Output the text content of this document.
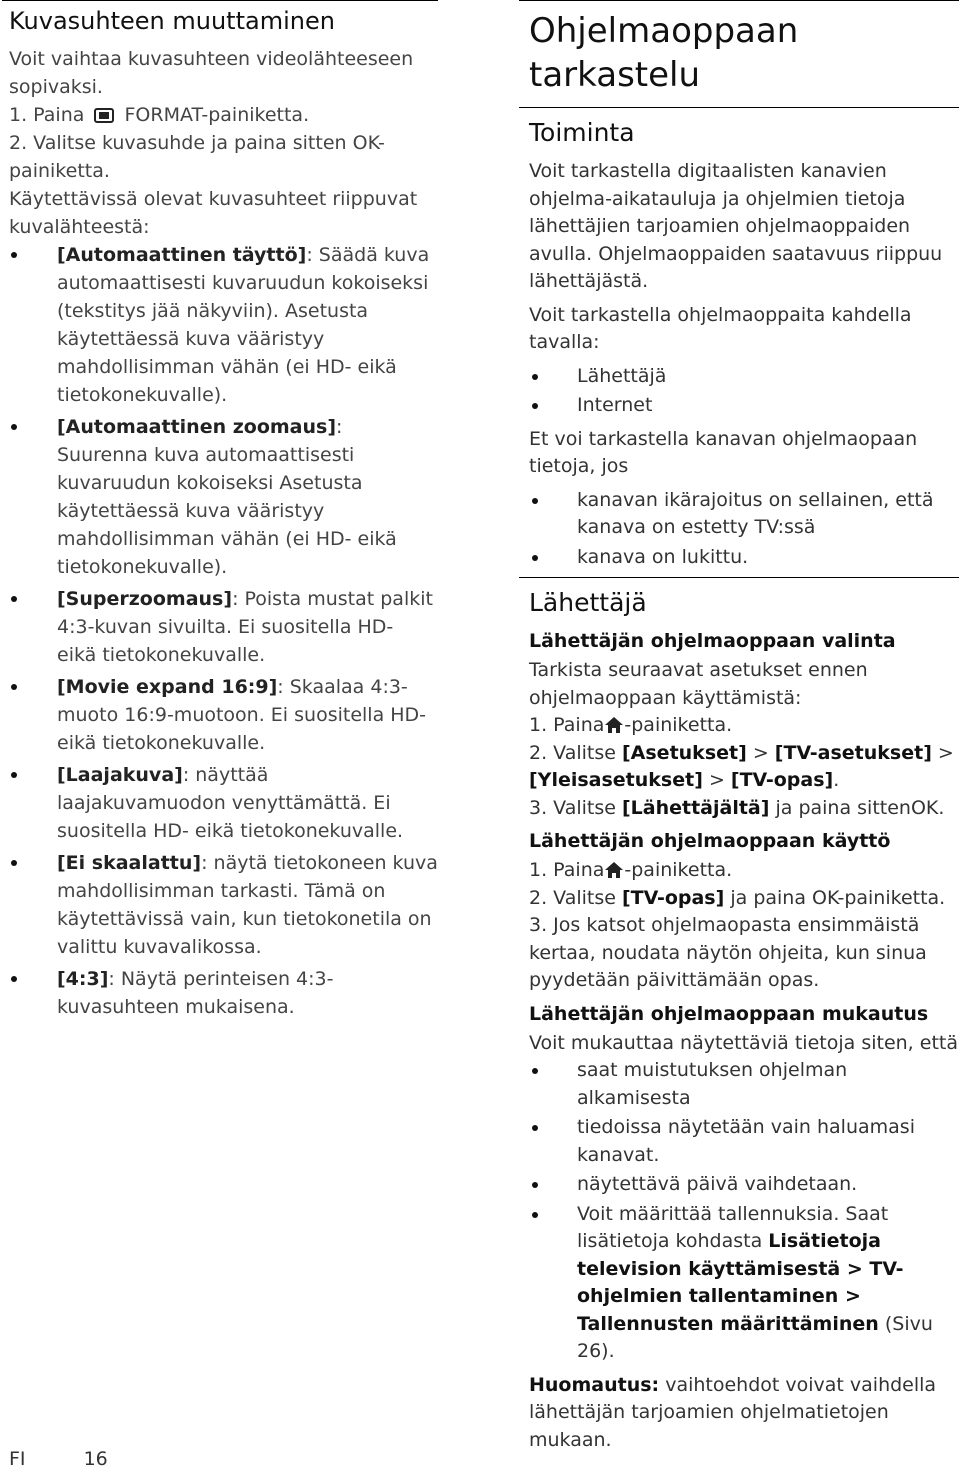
Kuvasuhteen muuttaminen

Voit vaihtaa kuvasuhteen videolähteeseen sopivaksi.

1. Paina FORMAT-painiketta.

2. Valitse kuvasuhde ja paina sitten OK-painiketta.

Käytettävissä olevat kuvasuhteet riippuvat kuvalähteestä:

[Automaattinen täyttö]: Säädä kuva automaattisesti kuvaruudun kokoiseksi (tekstitys jää näkyviin). Asetusta käytettäessä kuva vääristyy mahdollisimman vähän (ei HD- eikä tietokonekuvalle).
[Automaattinen zoomaus]: Suurenna kuva automaattisesti kuvaruudun kokoiseksi Asetusta käytettäessä kuva vääristyy mahdollisimman vähän (ei HD- eikä tietokonekuvalle).
[Superzoomaus]: Poista mustat palkit 4:3-kuvan sivuilta. Ei suositella HD- eikä tietokonekuvalle.
[Movie expand 16:9]: Skaalaa 4:3-muoto 16:9-muotoon. Ei suositella HD- eikä tietokonekuvalle.
[Laajakuva]: näyttää laajakuvamuodon venyttämättä. Ei suositella HD- eikä tietokonekuvalle.
[Ei skaalattu]: näytä tietokoneen kuva mahdollisimman tarkasti. Tämä on käytettävissä vain, kun tietokonetila on valittu kuvavalikossa.
[4:3]: Näytä perinteisen 4:3-kuvasuhteen mukaisena.
Ohjelmaoppaan tarkastelu
Toiminta

Voit tarkastella digitaalisten kanavien ohjelma-aikatauluja ja ohjelmien tietoja lähettäjien tarjoamien ohjelmaoppaiden avulla. Ohjelmaoppaiden saatavuus riippuu lähettäjästä.

Voit tarkastella ohjelmaoppaita kahdella tavalla:

Lähettäjä
Internet

Et voi tarkastella kanavan ohjelmaopaan tietoja, jos

kanavan ikärajoitus on sellainen, että kanava on estetty TV:ssä
kanava on lukittu.
Lähettäjä
Lähettäjän ohjelmaoppaan valinta

Tarkista seuraavat asetukset ennen ohjelmaoppaan käyttämistä:

1. Paina -painiketta.

2. Valitse [Asetukset] > [TV-asetukset] > [Yleisasetukset] > [TV-opas].

3. Valitse [Lähettäjältä] ja paina sittenOK.

Lähettäjän ohjelmaoppaan käyttö

1. Paina -painiketta.

2. Valitse [TV-opas] ja paina OK-painiketta.

3. Jos katsot ohjelmaopasta ensimmäistä kertaa, noudata näytön ohjeita, kun sinua pyydetään päivittämään opas.

Lähettäjän ohjelmaoppaan mukautus

Voit mukauttaa näytettäviä tietoja siten, että

saat muistutuksen ohjelman alkamisesta
tiedoissa näytetään vain haluamasi kanavat.
näytettävä päivä vaihdetaan.
Voit määrittää tallennuksia. Saat lisätietoja kohdasta Lisätietoja television käyttämisestä > TV-ohjelmien tallentaminen > Tallennusten määrittäminen (Sivu 26).

Huomautus: vaihtoehdot voivat vaihdella lähettäjän tarjoamien ohjelmatietojen mukaan.

FI	16
